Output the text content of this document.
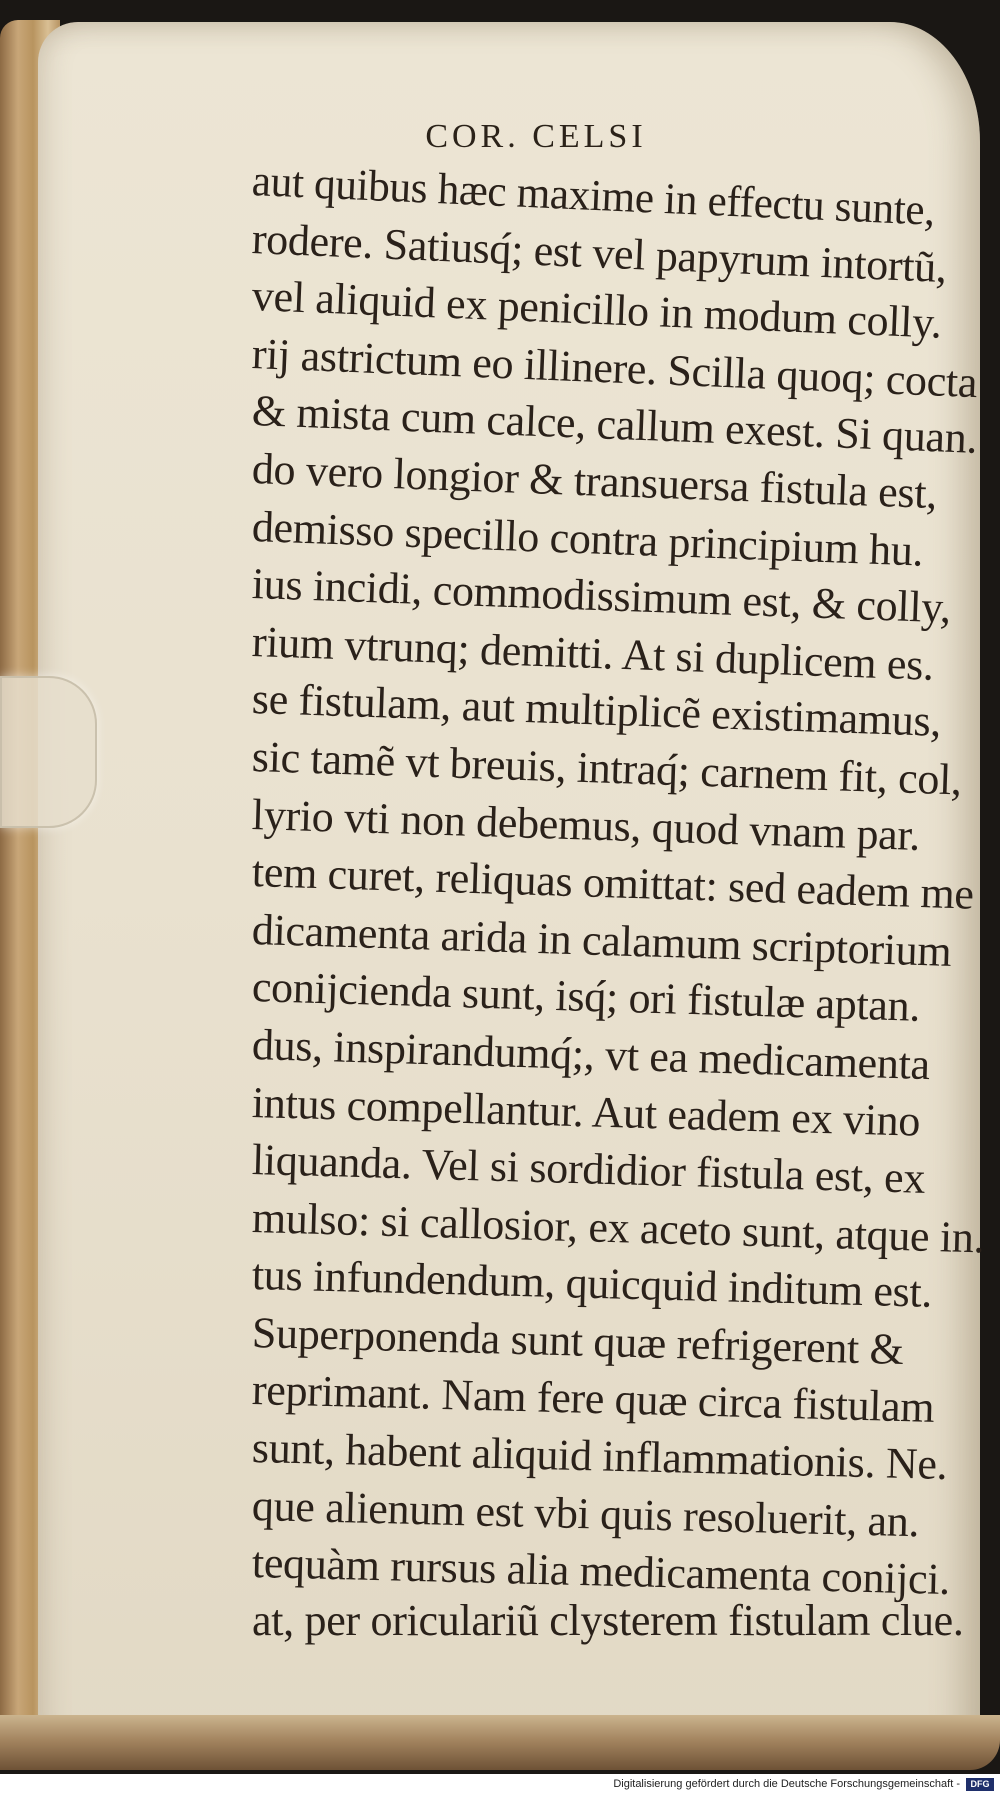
COR. CELSI
aut quibus hæc maxime in effectu sunte,
rodere. Satiusq́; est vel papyrum intortũ,
vel aliquid ex penicillo in modum colly.
rij astrictum eo illinere. Scilla quoq; cocta
& mista cum calce, callum exest. Si quan.
do vero longior & transuersa fistula est,
demisso specillo contra principium hu.
ius incidi, commodissimum est, & colly,
rium vtrunq; demitti. At si duplicem es.
se fistulam, aut multiplicẽ existimamus,
sic tamẽ vt breuis, intraq́; carnem fit, col,
lyrio vti non debemus, quod vnam par.
tem curet, reliquas omittat: sed eadem me
dicamenta arida in calamum scriptorium
conijcienda sunt, isq́; ori fistulæ aptan.
dus, inspirandumq́;, vt ea medicamenta
intus compellantur. Aut eadem ex vino
liquanda. Vel si sordidior fistula est, ex
mulso: si callosior, ex aceto sunt, atque in.
tus infundendum, quicquid inditum est.
Superponenda sunt quæ refrigerent &
reprimant. Nam fere quæ circa fistulam
sunt, habent aliquid inflammationis. Ne.
que alienum est vbi quis resoluerit, an.
tequàm rursus alia medicamenta conijci.
at, per oriculariũ clysterem fistulam clue.
Digitalisierung gefördert durch die Deutsche Forschungsgemeinschaft -	DFG
